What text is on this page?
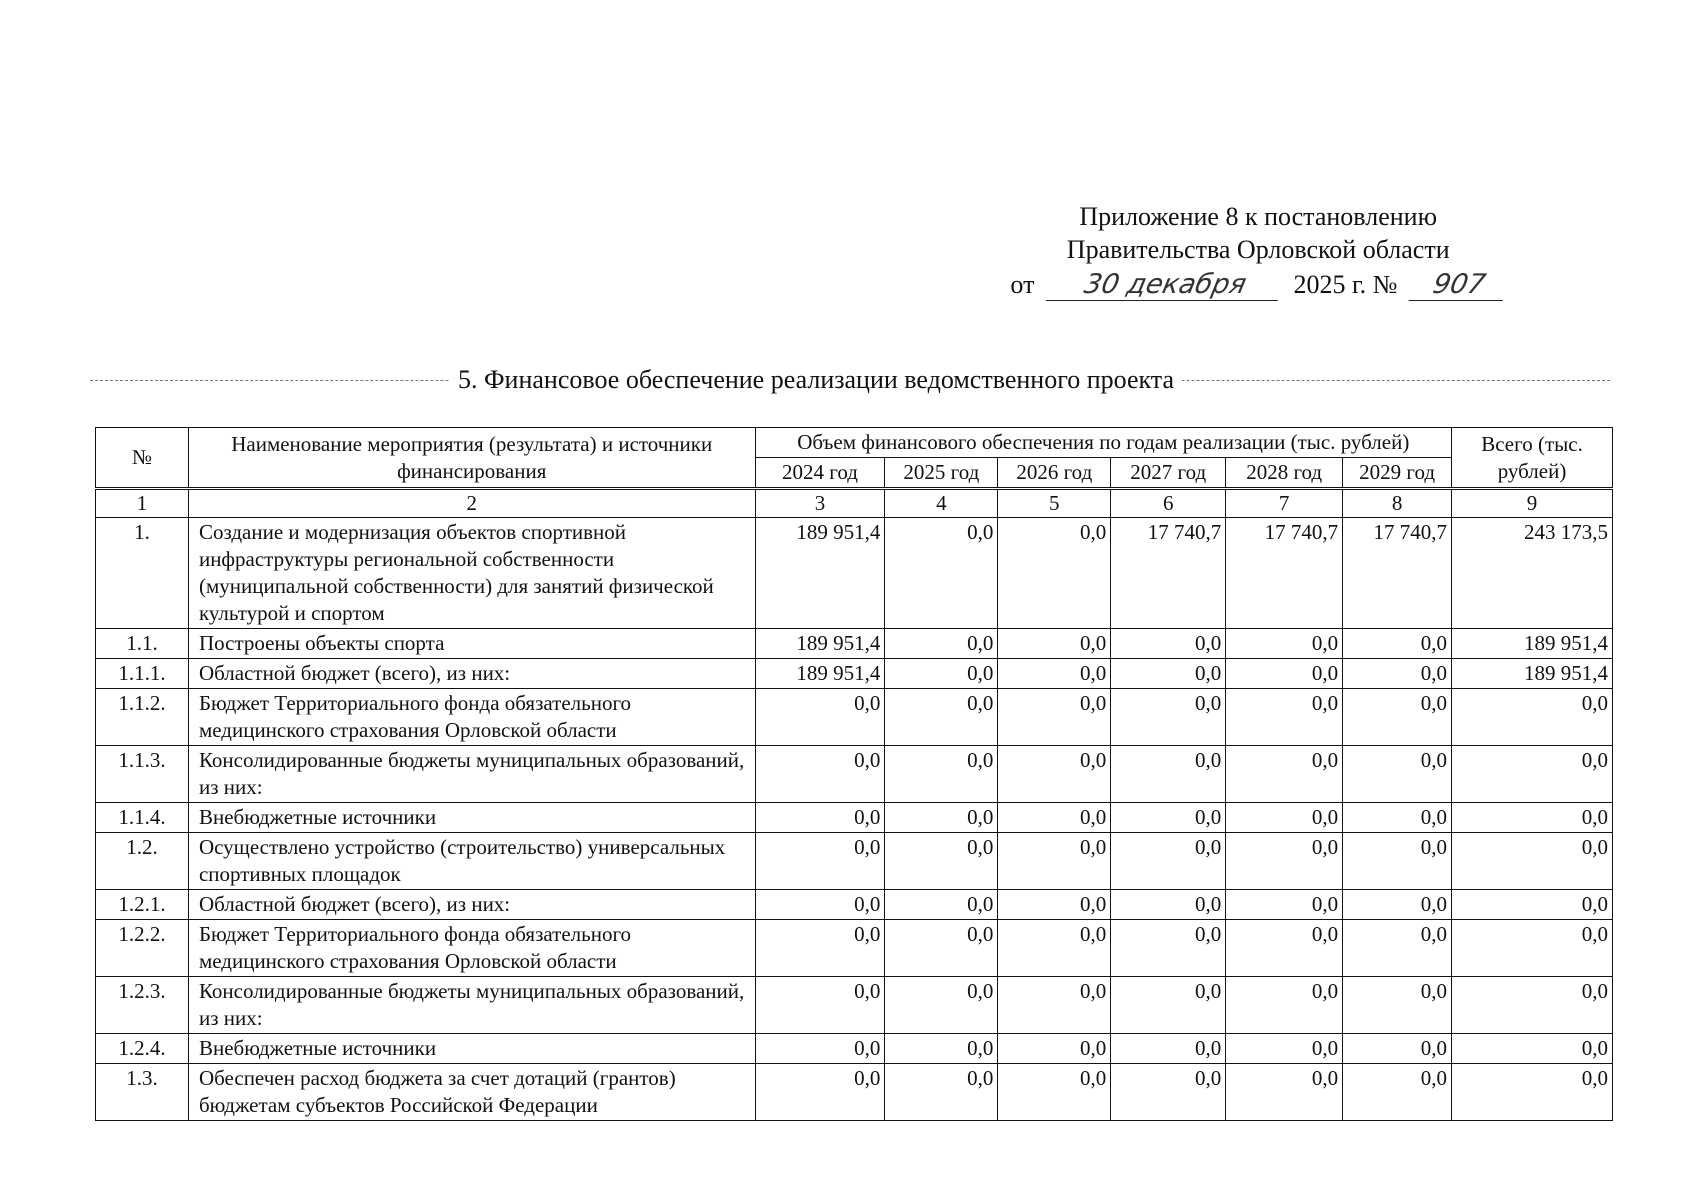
Приложение 8 к постановлению
Правительства Орловской области
от 30 декабря 2025 г. № 907
5. Финансовое обеспечение реализации ведомственного проекта
№	Наименование мероприятия (результата) и источники финансирования	Объем финансового обеспечения по годам реализации (тыс. рублей)						Всего (тыс. рублей)
		2024 год	2025 год	2026 год	2027 год	2028 год	2029 год	
1	2	3	4	5	6	7	8	9
1.	Создание и модернизация объектов спортивной инфраструктуры региональной собственности (муниципальной собственности) для занятий физической культурой и спортом	189 951,4	0,0	0,0	17 740,7	17 740,7	17 740,7	243 173,5
1.1.	Построены объекты спорта	189 951,4	0,0	0,0	0,0	0,0	0,0	189 951,4
1.1.1.	Областной бюджет (всего), из них:	189 951,4	0,0	0,0	0,0	0,0	0,0	189 951,4
1.1.2.	Бюджет Территориального фонда обязательного медицинского страхования Орловской области	0,0	0,0	0,0	0,0	0,0	0,0	0,0
1.1.3.	Консолидированные бюджеты муниципальных образований, из них:	0,0	0,0	0,0	0,0	0,0	0,0	0,0
1.1.4.	Внебюджетные источники	0,0	0,0	0,0	0,0	0,0	0,0	0,0
1.2.	Осуществлено устройство (строительство) универсальных спортивных площадок	0,0	0,0	0,0	0,0	0,0	0,0	0,0
1.2.1.	Областной бюджет (всего), из них:	0,0	0,0	0,0	0,0	0,0	0,0	0,0
1.2.2.	Бюджет Территориального фонда обязательного медицинского страхования Орловской области	0,0	0,0	0,0	0,0	0,0	0,0	0,0
1.2.3.	Консолидированные бюджеты муниципальных образований, из них:	0,0	0,0	0,0	0,0	0,0	0,0	0,0
1.2.4.	Внебюджетные источники	0,0	0,0	0,0	0,0	0,0	0,0	0,0
1.3.	Обеспечен расход бюджета за счет дотаций (грантов) бюджетам субъектов Российской Федерации	0,0	0,0	0,0	0,0	0,0	0,0	0,0
